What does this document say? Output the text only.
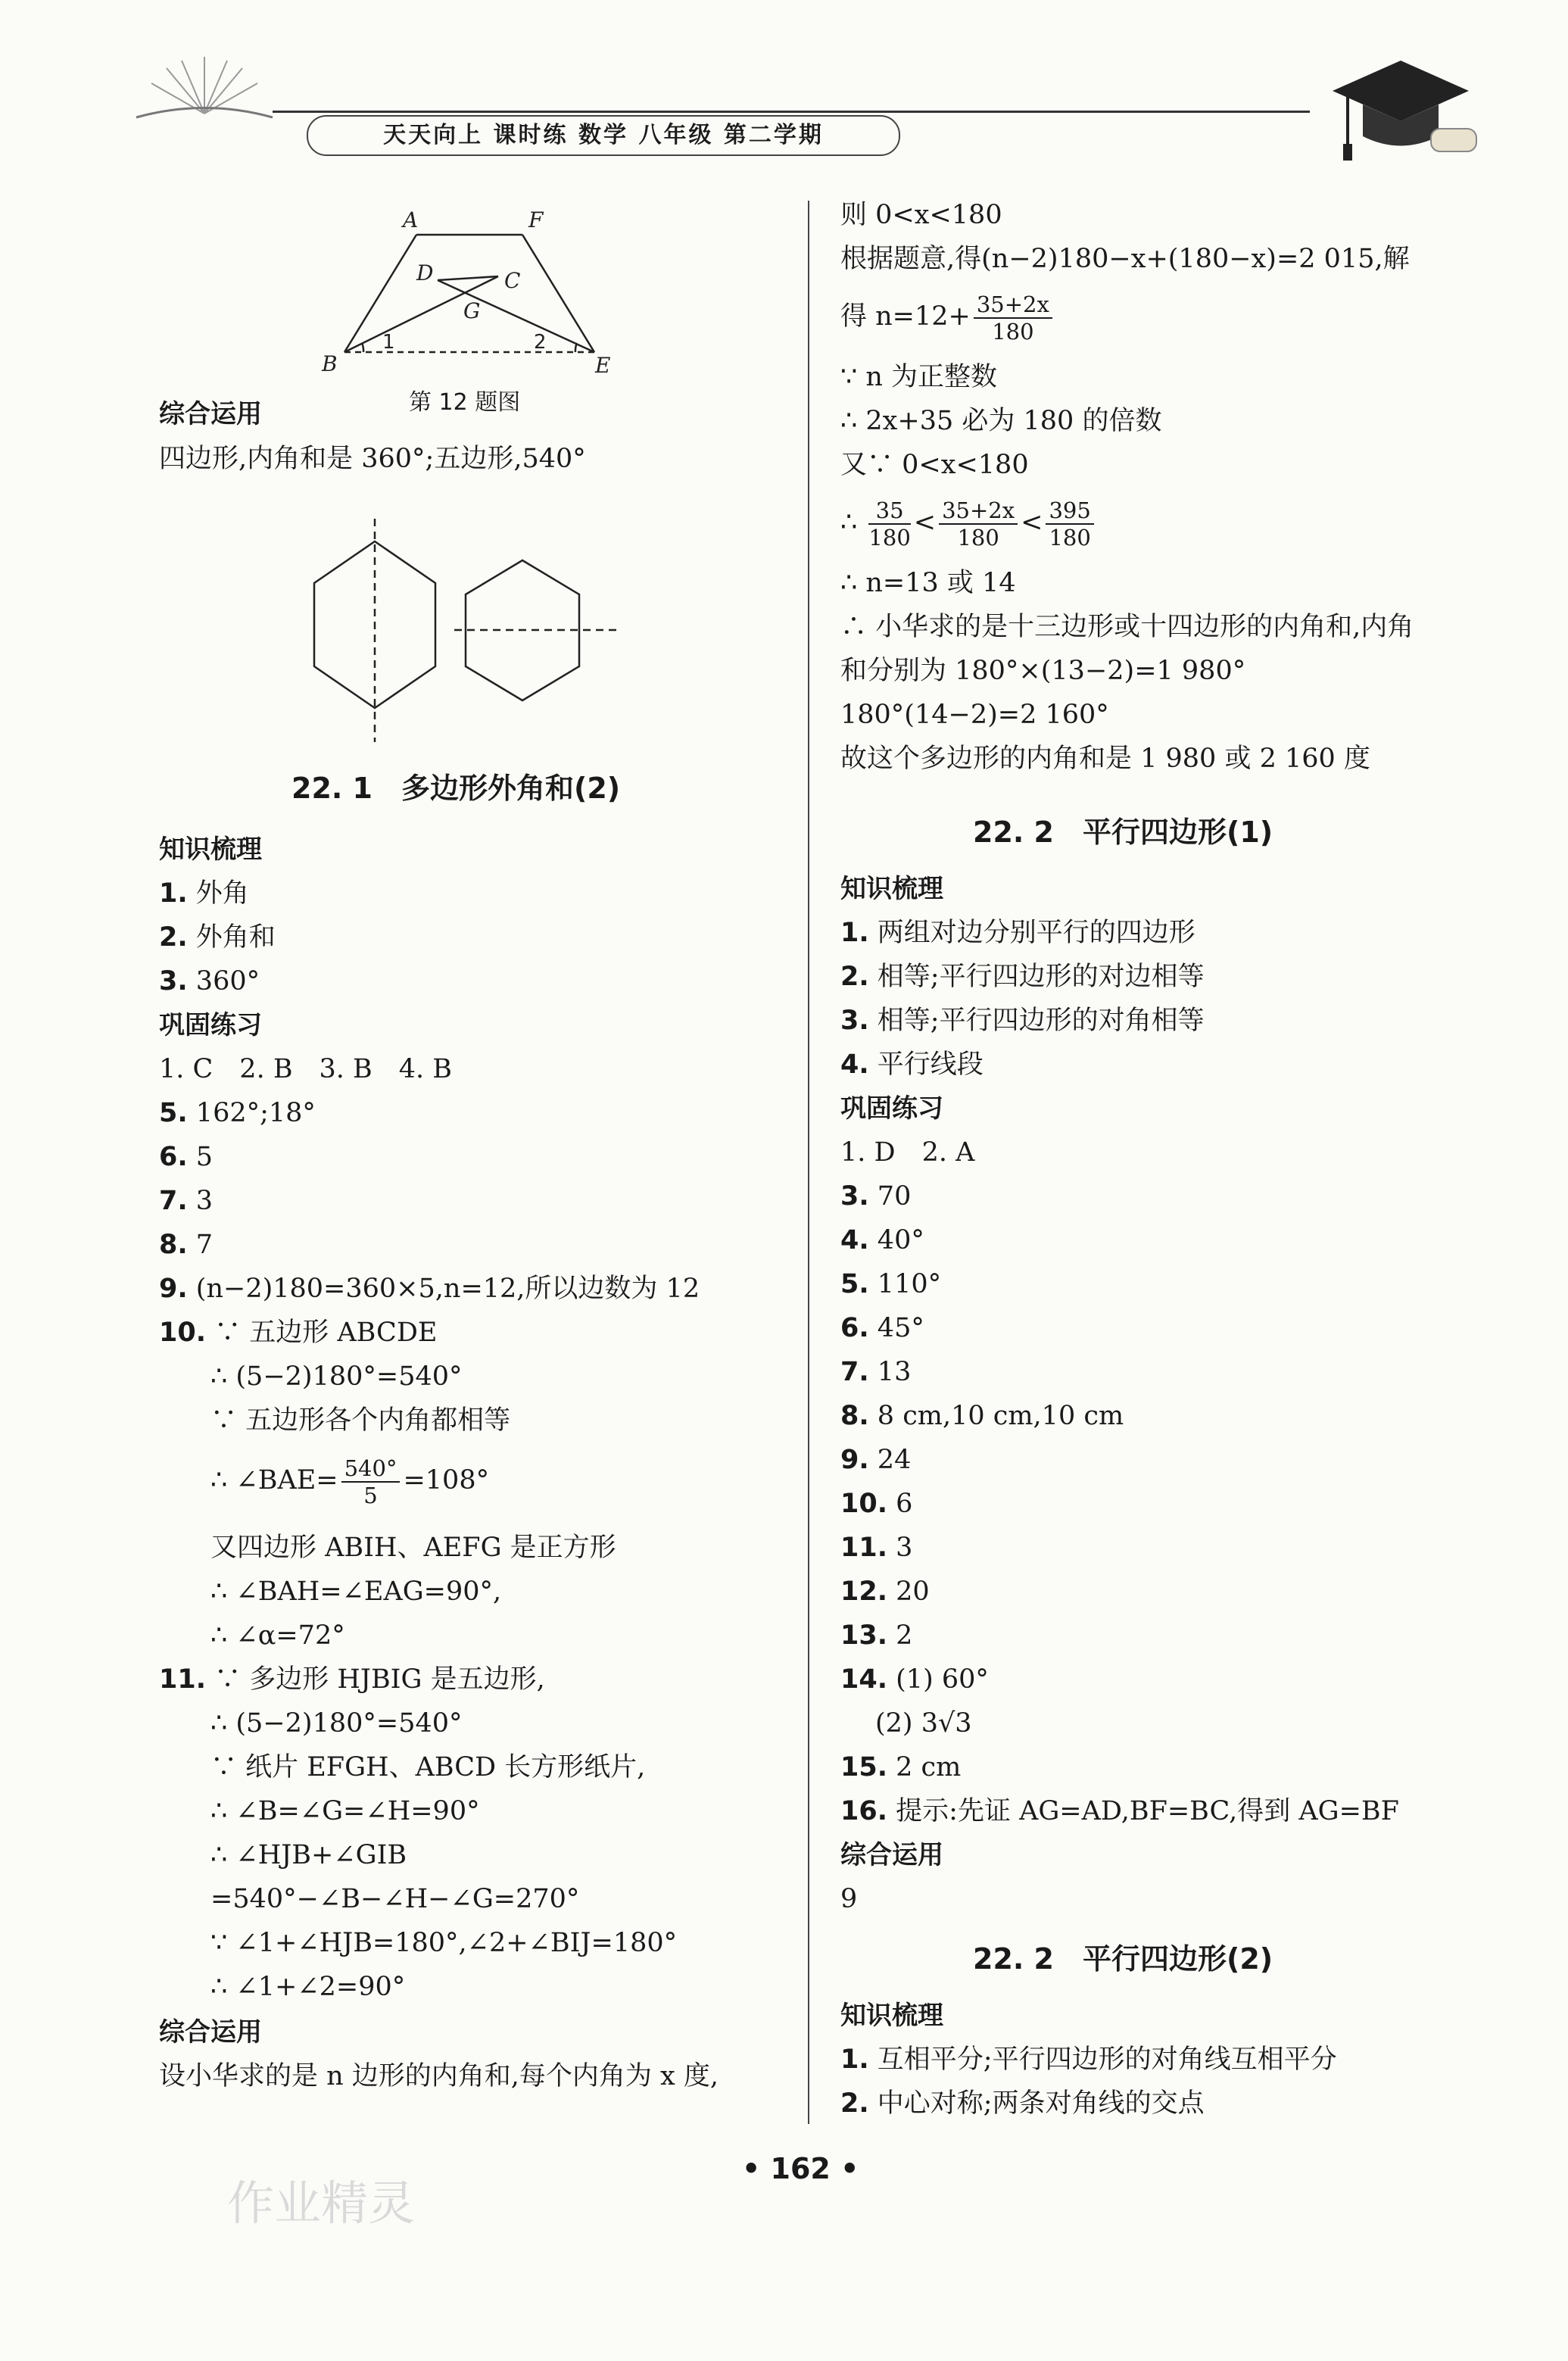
天天向上 课时练 数学 八年级 第二学期
A	F
D	C
G
B	E
1	2
第 12 题图
综合运用
四边形,内角和是 360°;五边形,540°
22. 1　多边形外角和(2)
知识梳理
1. 外角
2. 外角和
3. 360°
巩固练习
1. C　2. B　3. B　4. B
5. 162°;18°
6. 5
7. 3
8. 7
9. (n−2)180=360×5,n=12,所以边数为 12
10. ∵ 五边形 ABCDE
∴ (5−2)180°=540°
∵ 五边形各个内角都相等
∴ ∠BAE= $\frac{540^\circ}{5} =108^\circ$
又四边形 ABIH、AEFG 是正方形
∴ ∠BAH=∠EAG=90°,
∴ ∠α=72°
11. ∵ 多边形 HJBIG 是五边形,
∴ (5−2)180°=540°
∵ 纸片 EFGH、ABCD 长方形纸片,
∴ ∠B=∠G=∠H=90°
∴ ∠HJB+∠GIB
=540°−∠B−∠H−∠G=270°
∵ ∠1+∠HJB=180°,∠2+∠BIJ=180°
∴ ∠1+∠2=90°
综合运用
设小华求的是 n 边形的内角和,每个内角为 x 度,
则 0<x<180
根据题意,得(n−2)180−x+(180−x)=2 015,解
得 $n=12+ \frac{35+2x}{180}$
∵ n 为正整数
∴ 2x+35 必为 180 的倍数
又∵ 0<x<180
∴ $\frac{35}{180} < \frac{35+2x}{180} < \frac{395}{180}$
∴ n=13 或 14
∴ 小华求的是十三边形或十四边形的内角和,内角
和分别为 180°×(13−2)=1 980°
180°(14−2)=2 160°
故这个多边形的内角和是 1 980 或 2 160 度
22. 2　平行四边形(1)
知识梳理
1. 两组对边分别平行的四边形
2. 相等;平行四边形的对边相等
3. 相等;平行四边形的对角相等
4. 平行线段
巩固练习
1. D　2. A
3. 70
4. 40°
5. 110°
6. 45°
7. 13
8. 8 cm,10 cm,10 cm
9. 24
10. 6
11. 3
12. 20
13. 2
14. (1) 60°
(2) 3√3
15. 2 cm
16. 提示:先证 AG=AD,BF=BC,得到 AG=BF
综合运用
9
22. 2　平行四边形(2)
知识梳理
1. 互相平分;平行四边形的对角线互相平分
2. 中心对称;两条对角线的交点
• 162 •
作业精灵
